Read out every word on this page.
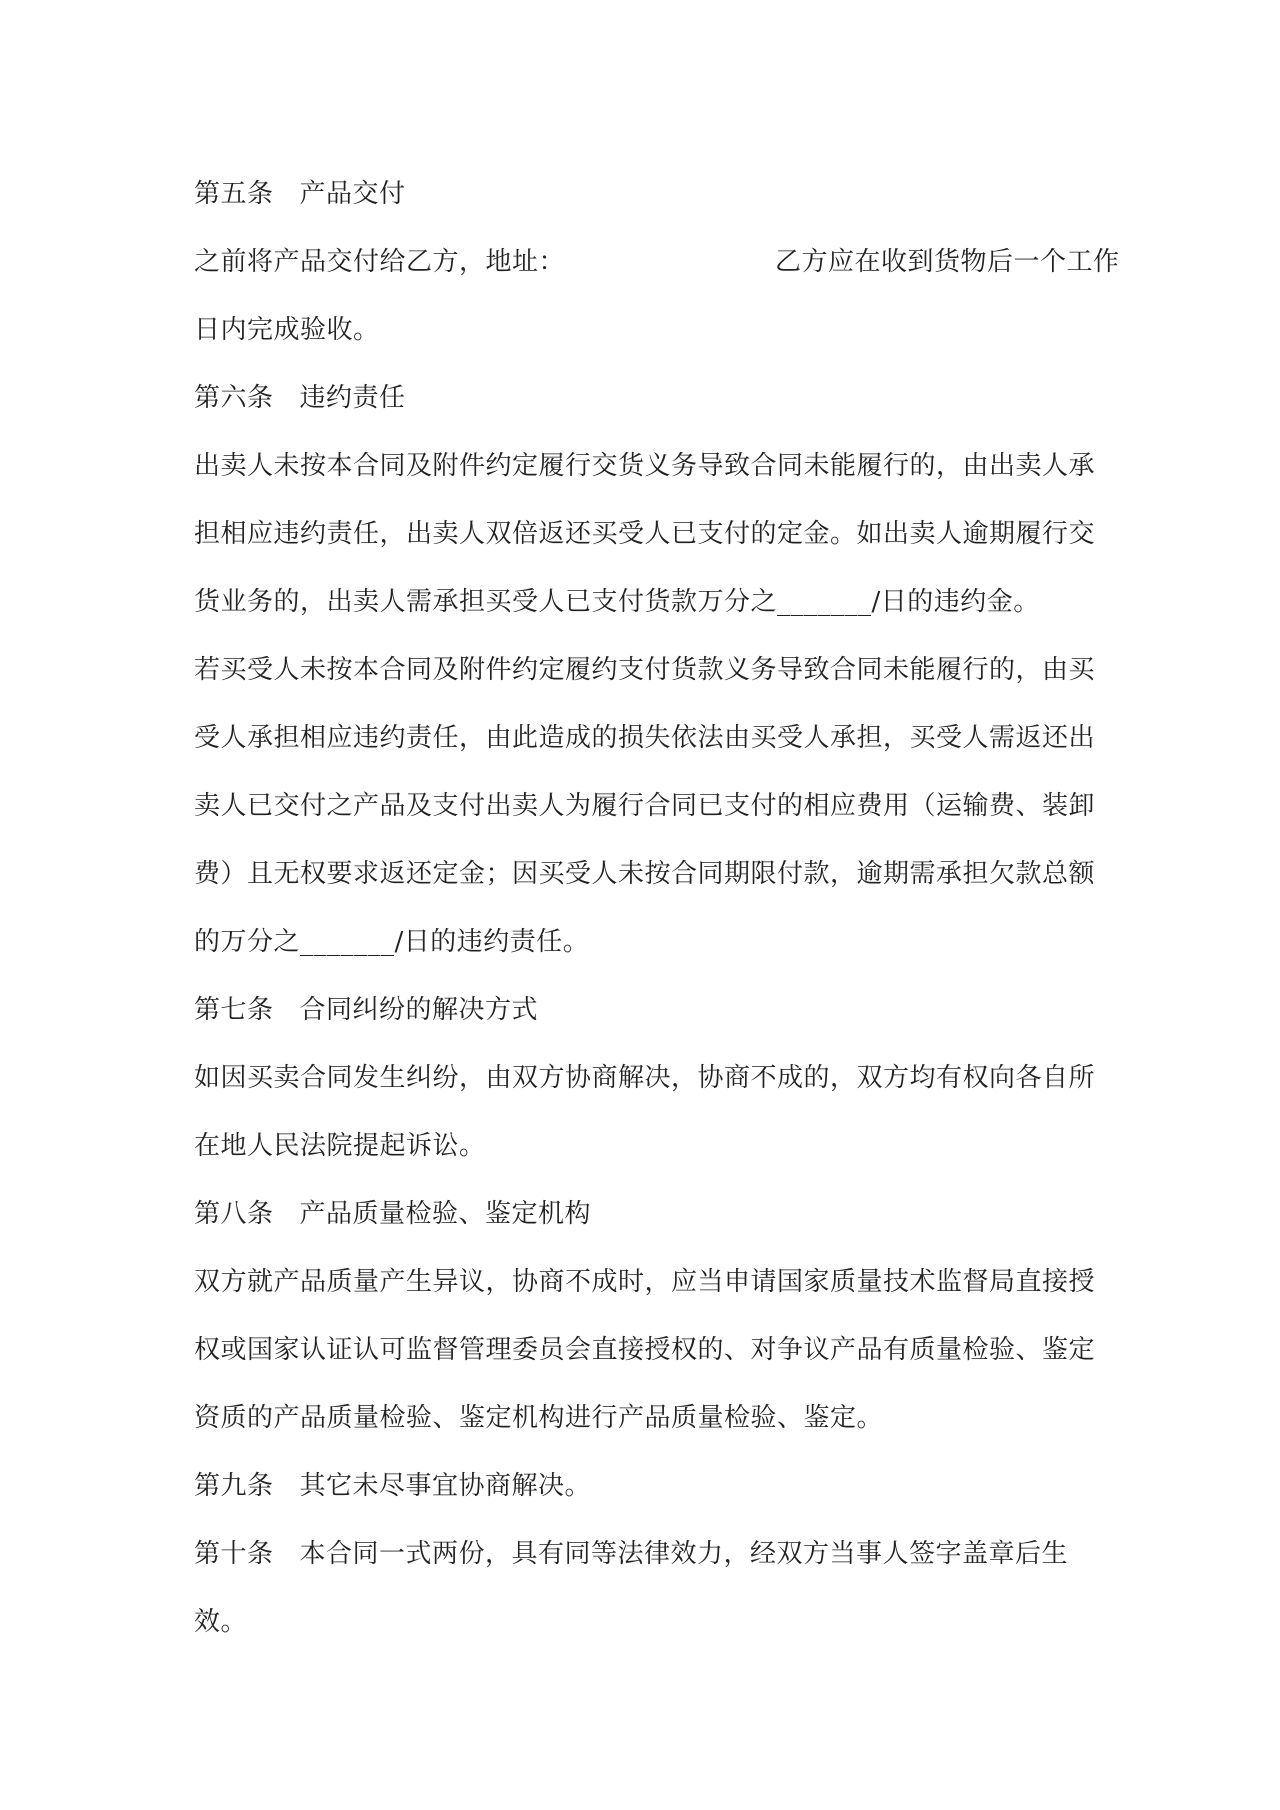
第五条 产品交付
之前将产品交付给乙方，地址：	乙方应在收到货物后一个工作
日内完成验收。
第六条 违约责任
出卖人未按本合同及附件约定履行交货义务导致合同未能履行的，由出卖人承
担相应违约责任，出卖人双倍返还买受人已支付的定金。如出卖人逾期履行交
货业务的，出卖人需承担买受人已支付货款万分之_______/日的违约金。
若买受人未按本合同及附件约定履约支付货款义务导致合同未能履行的，由买
受人承担相应违约责任，由此造成的损失依法由买受人承担，买受人需返还出
卖人已交付之产品及支付出卖人为履行合同已支付的相应费用（运输费、装卸
费）且无权要求返还定金；因买受人未按合同期限付款，逾期需承担欠款总额
的万分之_______/日的违约责任。
第七条 合同纠纷的解决方式
如因买卖合同发生纠纷，由双方协商解决，协商不成的，双方均有权向各自所
在地人民法院提起诉讼。
第八条 产品质量检验、鉴定机构
双方就产品质量产生异议，协商不成时，应当申请国家质量技术监督局直接授
权或国家认证认可监督管理委员会直接授权的、对争议产品有质量检验、鉴定
资质的产品质量检验、鉴定机构进行产品质量检验、鉴定。
第九条 其它未尽事宜协商解决。
第十条 本合同一式两份，具有同等法律效力，经双方当事人签字盖章后生
效。
